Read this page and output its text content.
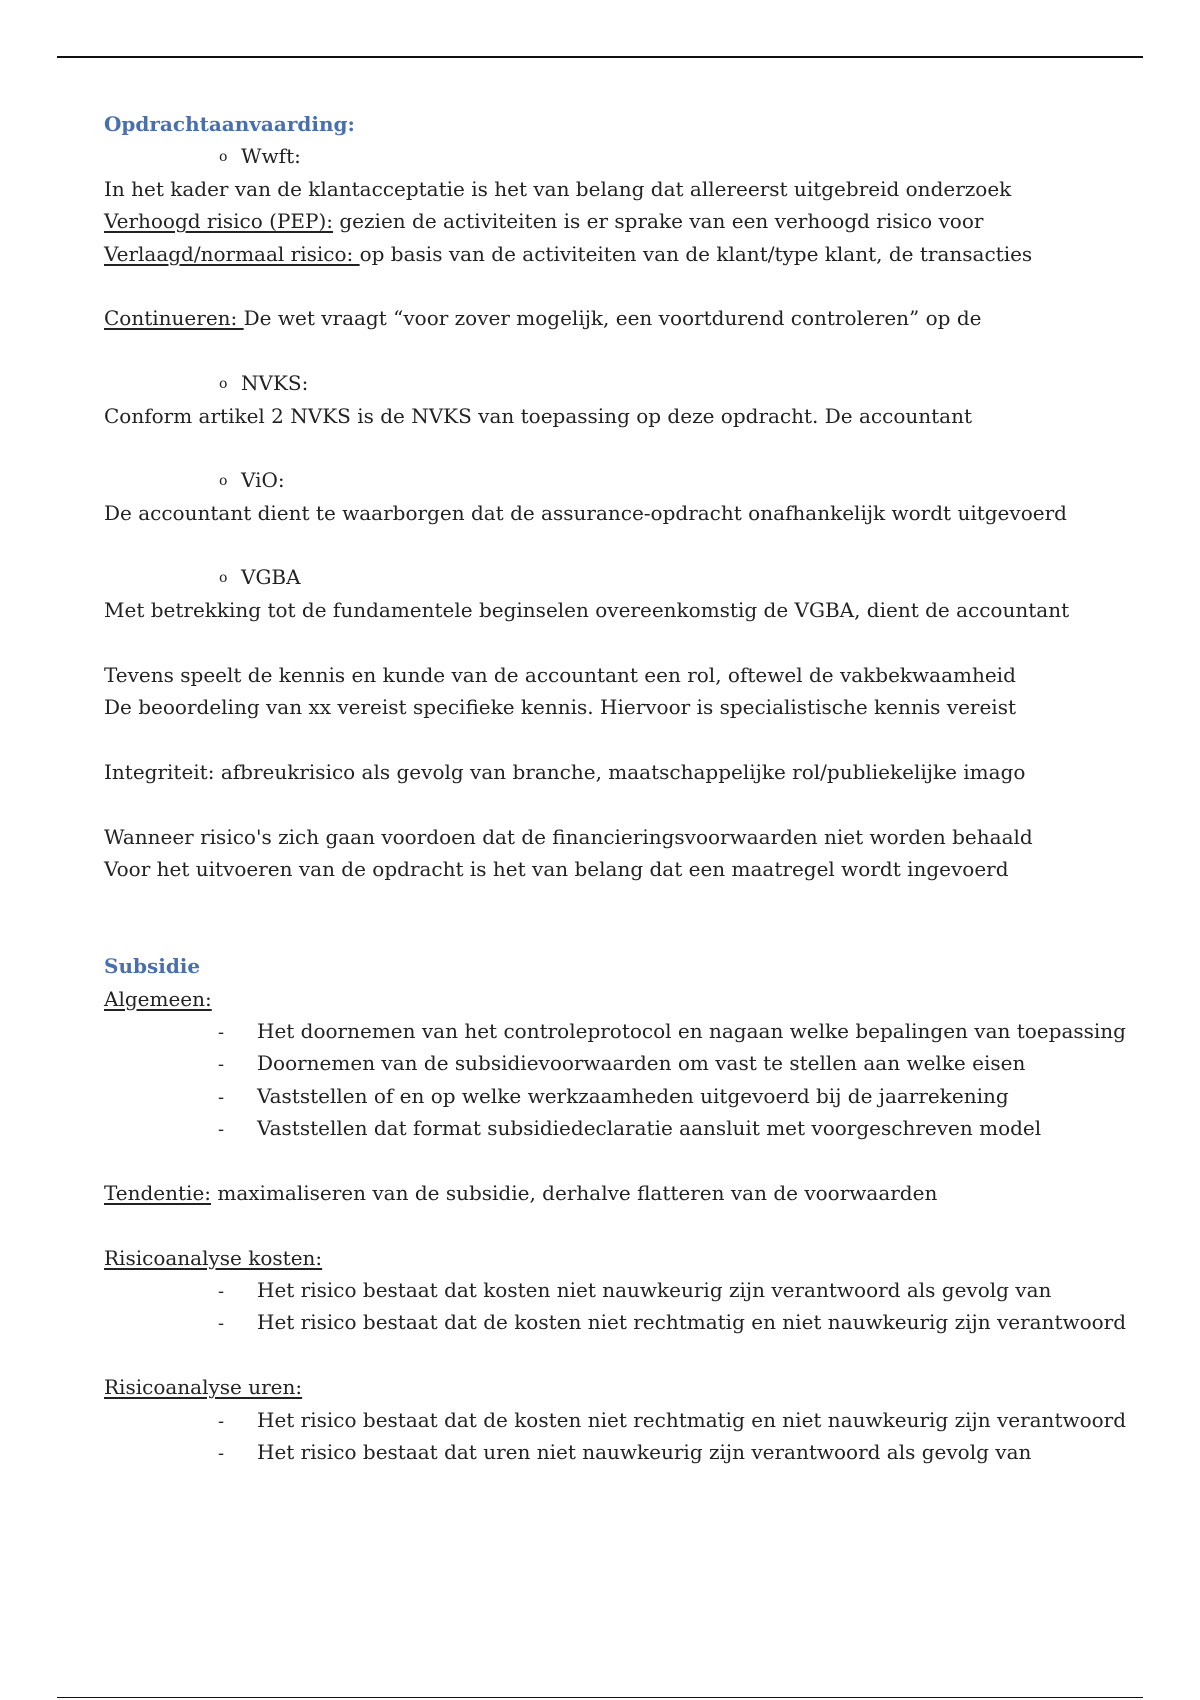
Opdrachtaanvaarding:
o Wwft:
In het kader van de klantacceptatie is het van belang dat allereerst uitgebreid onderzoek
Verhoogd risico (PEP): gezien de activiteiten is er sprake van een verhoogd risico voor
Verlaagd/normaal risico: op basis van de activiteiten van de klant/type klant, de transacties
Continueren: De wet vraagt “voor zover mogelijk, een voortdurend controleren” op de
o NVKS:
Conform artikel 2 NVKS is de NVKS van toepassing op deze opdracht. De accountant
o ViO:
De accountant dient te waarborgen dat de assurance-opdracht onafhankelijk wordt uitgevoerd
o VGBA
Met betrekking tot de fundamentele beginselen overeenkomstig de VGBA, dient de accountant
Tevens speelt de kennis en kunde van de accountant een rol, oftewel de vakbekwaamheid
De beoordeling van xx vereist specifieke kennis. Hiervoor is specialistische kennis vereist
Integriteit: afbreukrisico als gevolg van branche, maatschappelijke rol/publiekelijke imago
Wanneer risico's zich gaan voordoen dat de financieringsvoorwaarden niet worden behaald
Voor het uitvoeren van de opdracht is het van belang dat een maatregel wordt ingevoerd
Subsidie
Algemeen:
- Het doornemen van het controleprotocol en nagaan welke bepalingen van toepassing
- Doornemen van de subsidievoorwaarden om vast te stellen aan welke eisen
- Vaststellen of en op welke werkzaamheden uitgevoerd bij de jaarrekening
- Vaststellen dat format subsidiedeclaratie aansluit met voorgeschreven model
Tendentie: maximaliseren van de subsidie, derhalve flatteren van de voorwaarden
Risicoanalyse kosten:
- Het risico bestaat dat kosten niet nauwkeurig zijn verantwoord als gevolg van
- Het risico bestaat dat de kosten niet rechtmatig en niet nauwkeurig zijn verantwoord
Risicoanalyse uren:
- Het risico bestaat dat de kosten niet rechtmatig en niet nauwkeurig zijn verantwoord
- Het risico bestaat dat uren niet nauwkeurig zijn verantwoord als gevolg van
